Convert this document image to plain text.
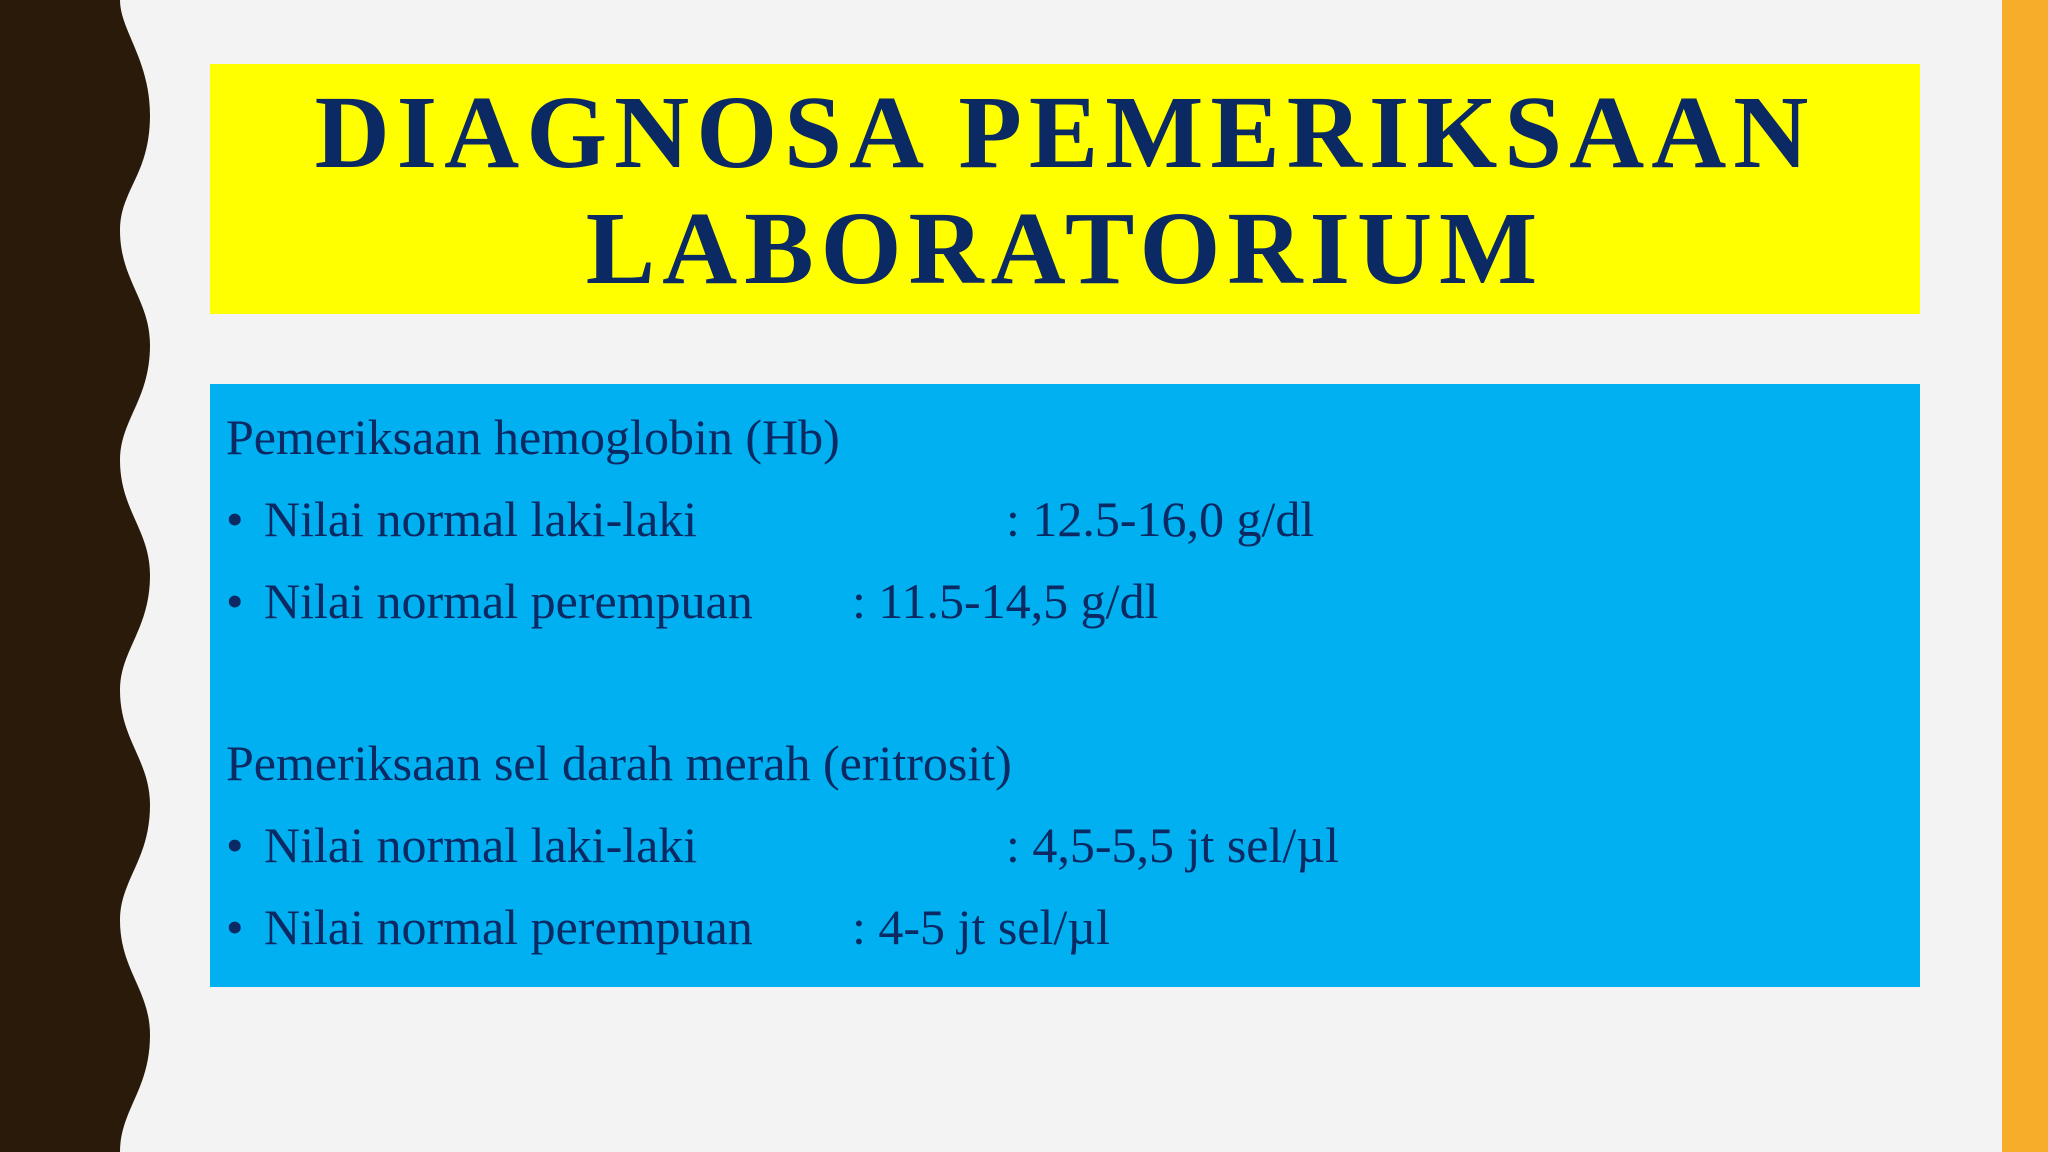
DIAGNOSA PEMERIKSAAN
LABORATORIUM
Pemeriksaan hemoglobin (Hb)
• Nilai normal laki-laki	: 12.5-16,0 g/dl
• Nilai normal perempuan : 11.5-14,5 g/dl
Pemeriksaan sel darah merah (eritrosit)
• Nilai normal laki-laki	: 4,5-5,5 jt sel/µl
• Nilai normal perempuan : 4-5 jt sel/µl
